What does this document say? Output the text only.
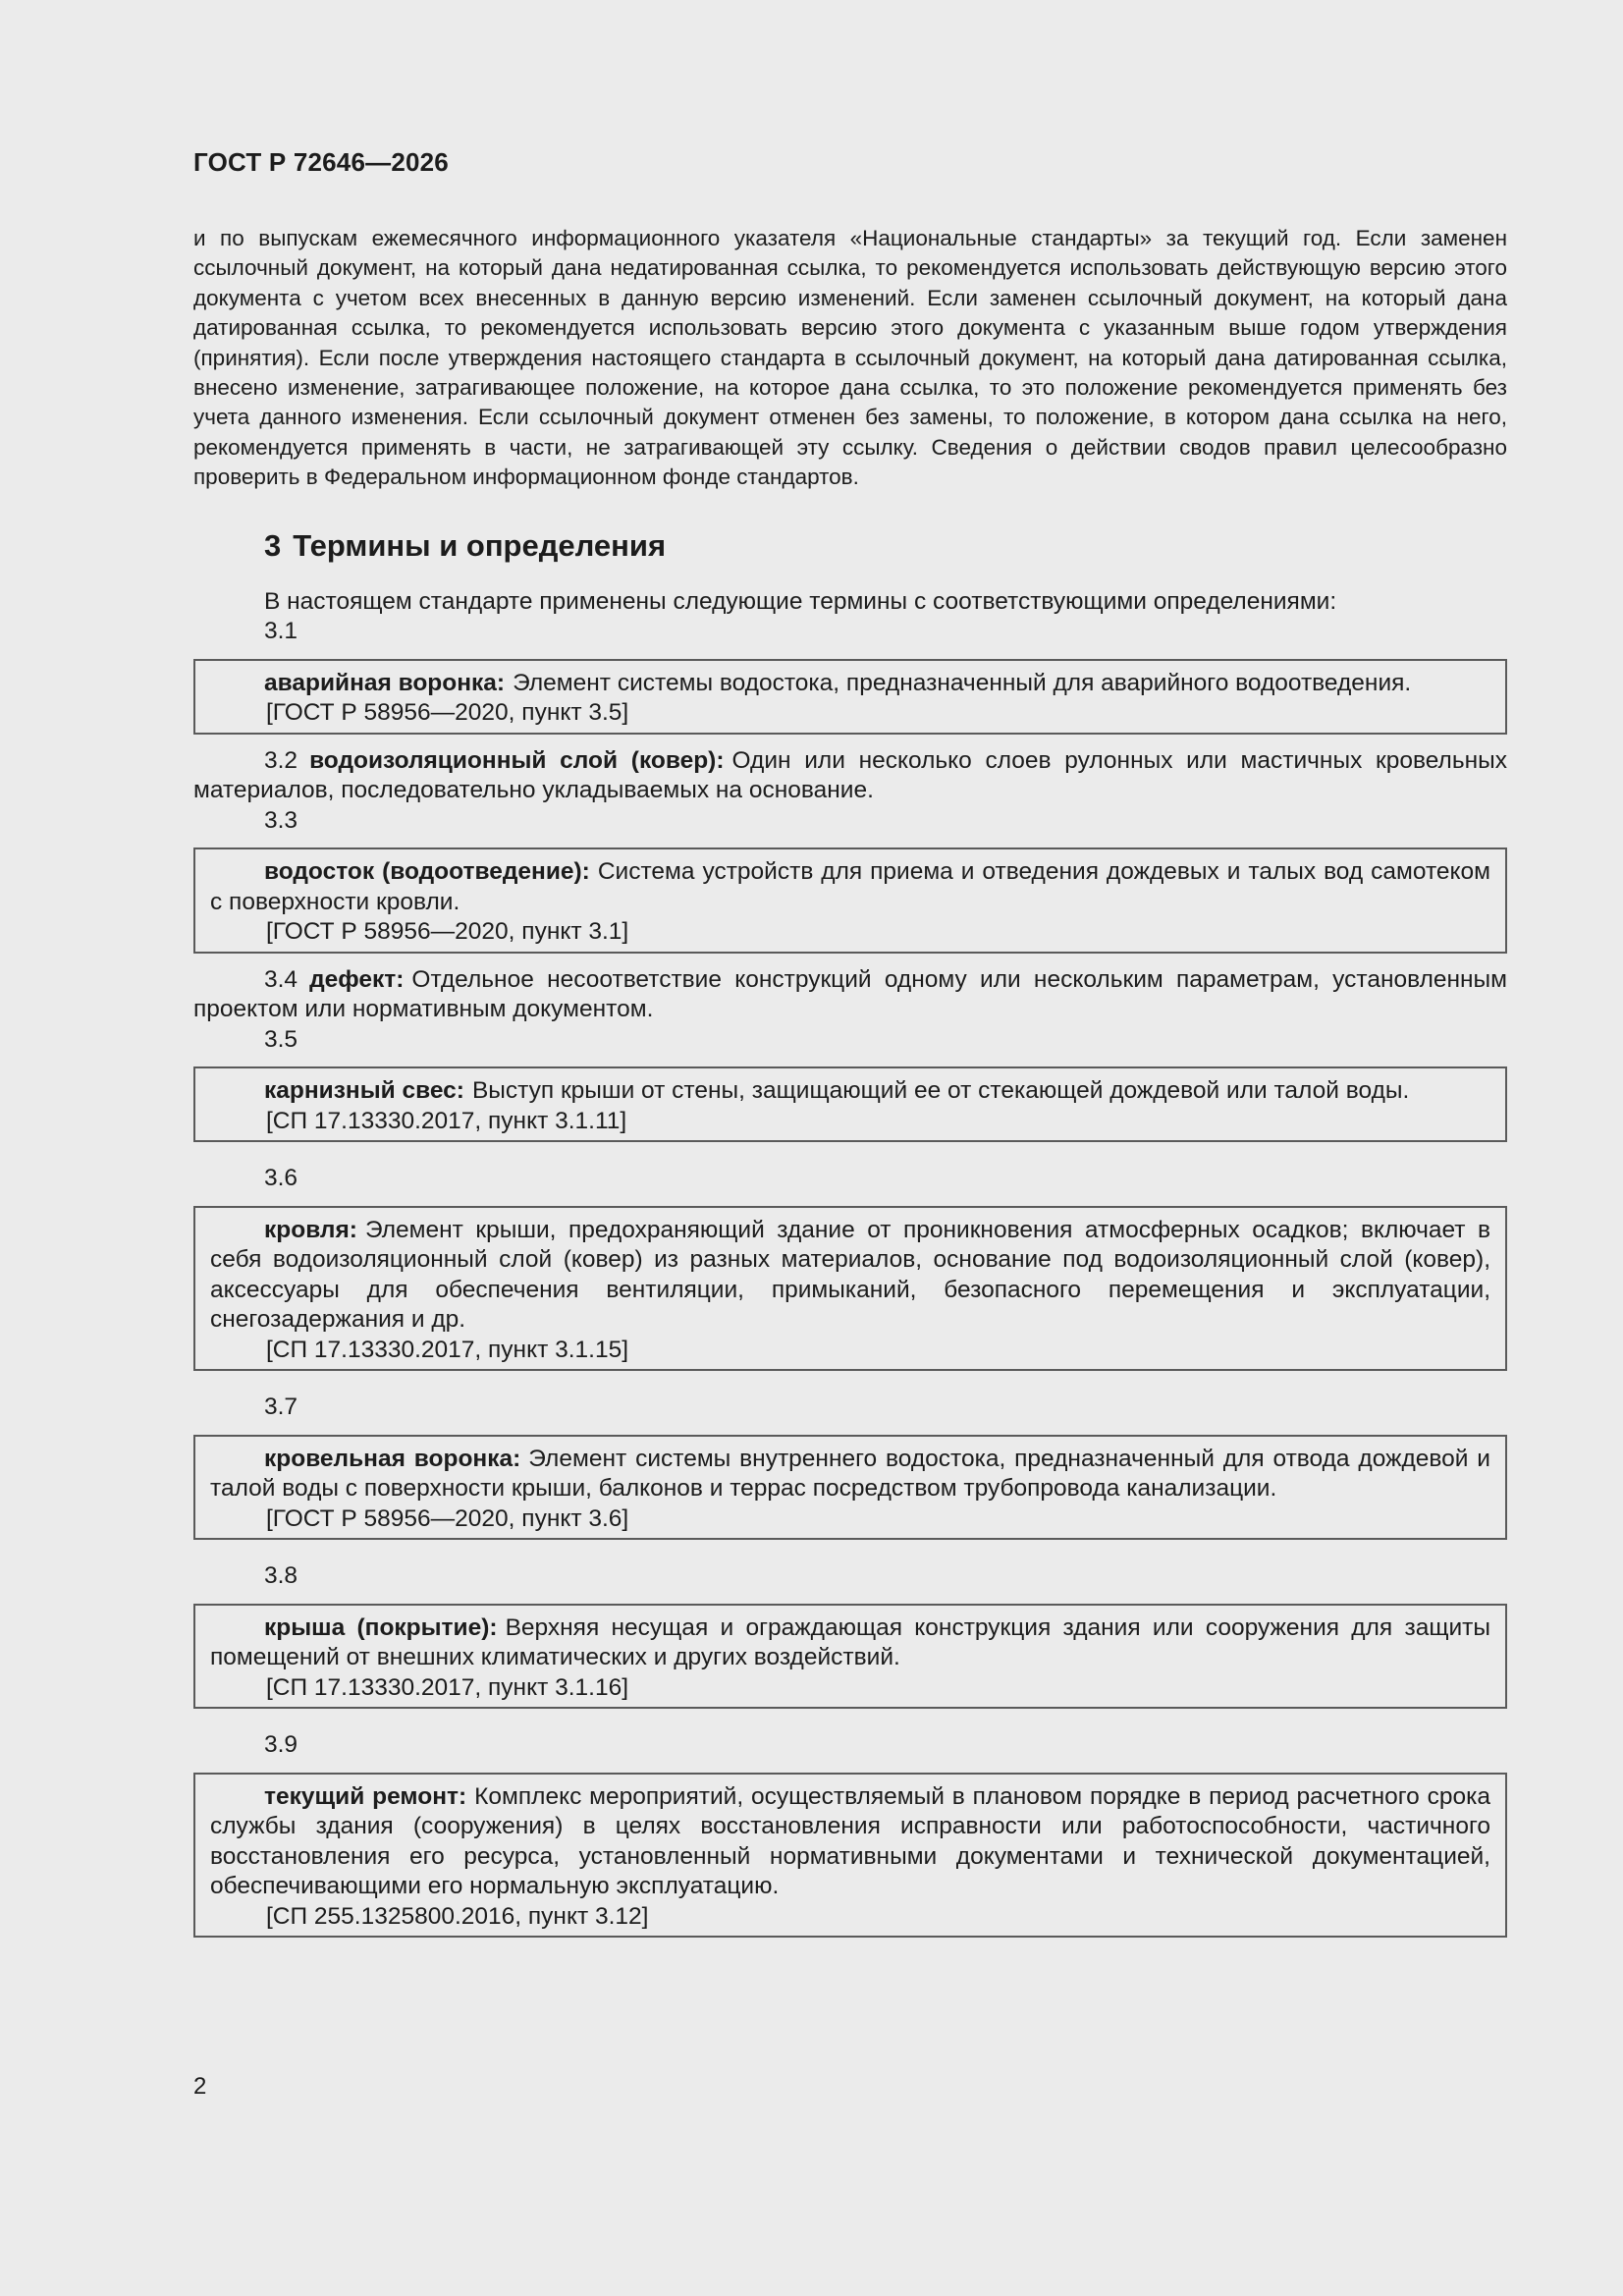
ГОСТ Р 72646—2026

и по выпускам ежемесячного информационного указателя «Национальные стандарты» за текущий год. Если заменен ссылочный документ, на который дана недатированная ссылка, то рекомендуется использовать действующую версию этого документа с учетом всех внесенных в данную версию изменений. Если заменен ссылочный документ, на который дана датированная ссылка, то рекомендуется использовать версию этого документа с указанным выше годом утверждения (принятия). Если после утверждения настоящего стандарта в ссылочный документ, на который дана датированная ссылка, внесено изменение, затрагивающее положение, на которое дана ссылка, то это положение рекомендуется применять без учета данного изменения. Если ссылочный документ отменен без замены, то положение, в котором дана ссылка на него, рекомендуется применять в части, не затрагивающей эту ссылку. Сведения о действии сводов правил целесообразно проверить в Федеральном информационном фонде стандартов.

3 Термины и определения

В настоящем стандарте применены следующие термины с соответствующими определениями:

3.1

аварийная воронка: Элемент системы водостока, предназначенный для аварийного водоотведения.

[ГОСТ Р 58956—2020, пункт 3.5]

3.2 водоизоляционный слой (ковер): Один или несколько слоев рулонных или мастичных кровельных материалов, последовательно укладываемых на основание.

3.3

водосток (водоотведение): Система устройств для приема и отведения дождевых и талых вод самотеком с поверхности кровли.

[ГОСТ Р 58956—2020, пункт 3.1]

3.4 дефект: Отдельное несоответствие конструкций одному или нескольким параметрам, установленным проектом или нормативным документом.

3.5

карнизный свес: Выступ крыши от стены, защищающий ее от стекающей дождевой или талой воды.

[СП 17.13330.2017, пункт 3.1.11]
3.6

кровля: Элемент крыши, предохраняющий здание от проникновения атмосферных осадков; включает в себя водоизоляционный слой (ковер) из разных материалов, основание под водоизоляционный слой (ковер), аксессуары для обеспечения вентиляции, примыканий, безопасного перемещения и эксплуатации, снегозадержания и др.

[СП 17.13330.2017, пункт 3.1.15]
3.7

кровельная воронка: Элемент системы внутреннего водостока, предназначенный для отвода дождевой и талой воды с поверхности крыши, балконов и террас посредством трубопровода канализации.

[ГОСТ Р 58956—2020, пункт 3.6]
3.8

крыша (покрытие): Верхняя несущая и ограждающая конструкция здания или сооружения для защиты помещений от внешних климатических и других воздействий.

[СП 17.13330.2017, пункт 3.1.16]
3.9

текущий ремонт: Комплекс мероприятий, осуществляемый в плановом порядке в период расчетного срока службы здания (сооружения) в целях восстановления исправности или работоспособности, частичного восстановления его ресурса, установленный нормативными документами и технической документацией, обеспечивающими его нормальную эксплуатацию.

[СП 255.1325800.2016, пункт 3.12]
2
